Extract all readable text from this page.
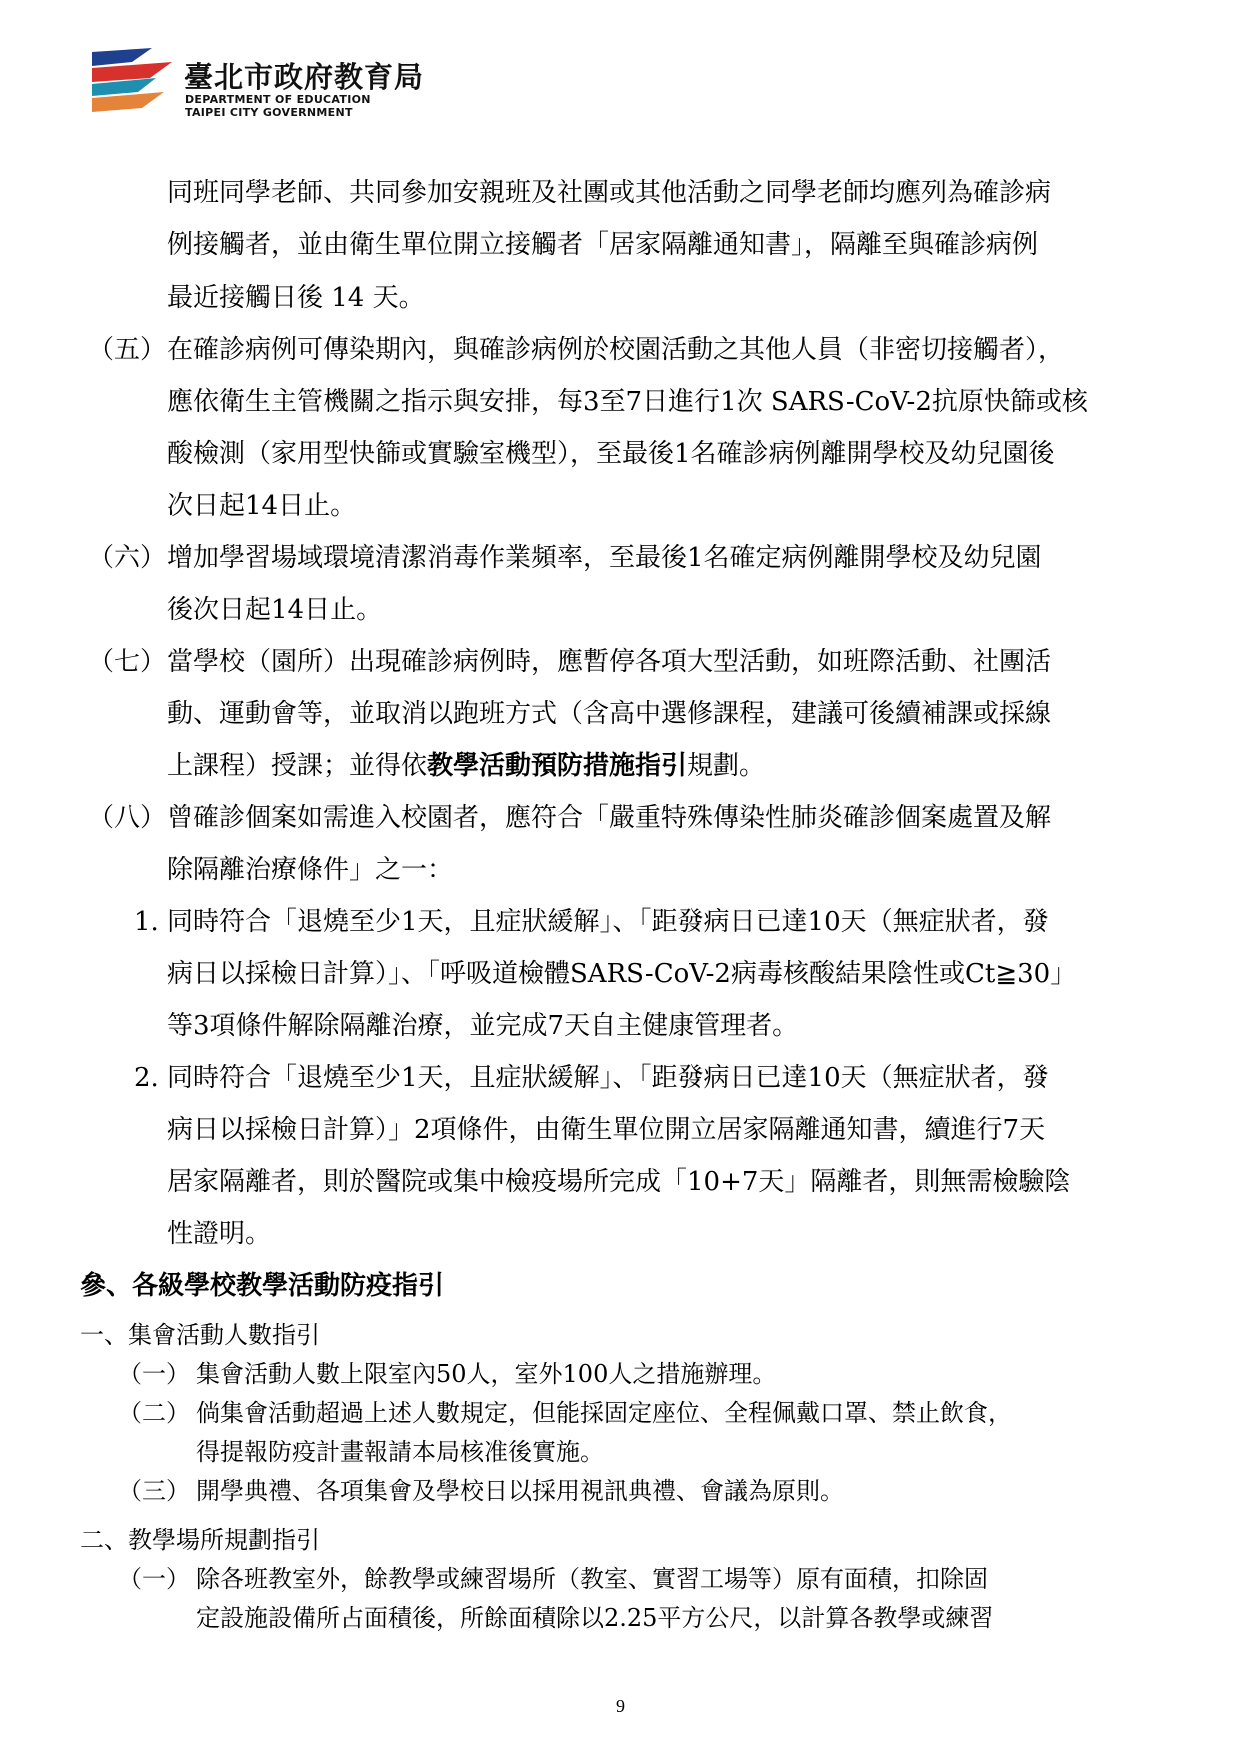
臺北市政府教育局
DEPARTMENT OF EDUCATION
TAIPEI CITY GOVERNMENT
同班同學老師、共同參加安親班及社團或其他活動之同學老師均應列為確診病
例接觸者，並由衛生單位開立接觸者「居家隔離通知書」，隔離至與確診病例
最近接觸日後 14 天。
（五） 在確診病例可傳染期內，與確診病例於校園活動之其他人員（非密切接觸者），
應依衛生主管機關之指示與安排，每3至7日進行1次 SARS-CoV-2抗原快篩或核
酸檢測（家用型快篩或實驗室機型），至最後1名確診病例離開學校及幼兒園後
次日起14日止。
（六） 增加學習場域環境清潔消毒作業頻率，至最後1名確定病例離開學校及幼兒園
後次日起14日止。
（七） 當學校（園所）出現確診病例時，應暫停各項大型活動，如班際活動、社團活
動、運動會等，並取消以跑班方式（含高中選修課程，建議可後續補課或採線
上課程）授課；並得依教學活動預防措施指引規劃。
（八） 曾確診個案如需進入校園者，應符合「嚴重特殊傳染性肺炎確診個案處置及解
除隔離治療條件」之一：
1. 同時符合「退燒至少1天，且症狀緩解」、「距發病日已達10天（無症狀者，發
病日以採檢日計算）」、「呼吸道檢體SARS-CoV-2病毒核酸結果陰性或Ct≧30」
等3項條件解除隔離治療，並完成7天自主健康管理者。
2. 同時符合「退燒至少1天，且症狀緩解」、「距發病日已達10天（無症狀者，發
病日以採檢日計算）」2項條件，由衛生單位開立居家隔離通知書，續進行7天
居家隔離者，則於醫院或集中檢疫場所完成「10+7天」隔離者，則無需檢驗陰
性證明。
參、各級學校教學活動防疫指引
一、集會活動人數指引
（一） 集會活動人數上限室內50人，室外100人之措施辦理。
（二） 倘集會活動超過上述人數規定，但能採固定座位、全程佩戴口罩、禁止飲食，
得提報防疫計畫報請本局核准後實施。
（三） 開學典禮、各項集會及學校日以採用視訊典禮、會議為原則。
二、教學場所規劃指引
（一） 除各班教室外，餘教學或練習場所（教室、實習工場等）原有面積，扣除固
定設施設備所占面積後，所餘面積除以2.25平方公尺，以計算各教學或練習
9
